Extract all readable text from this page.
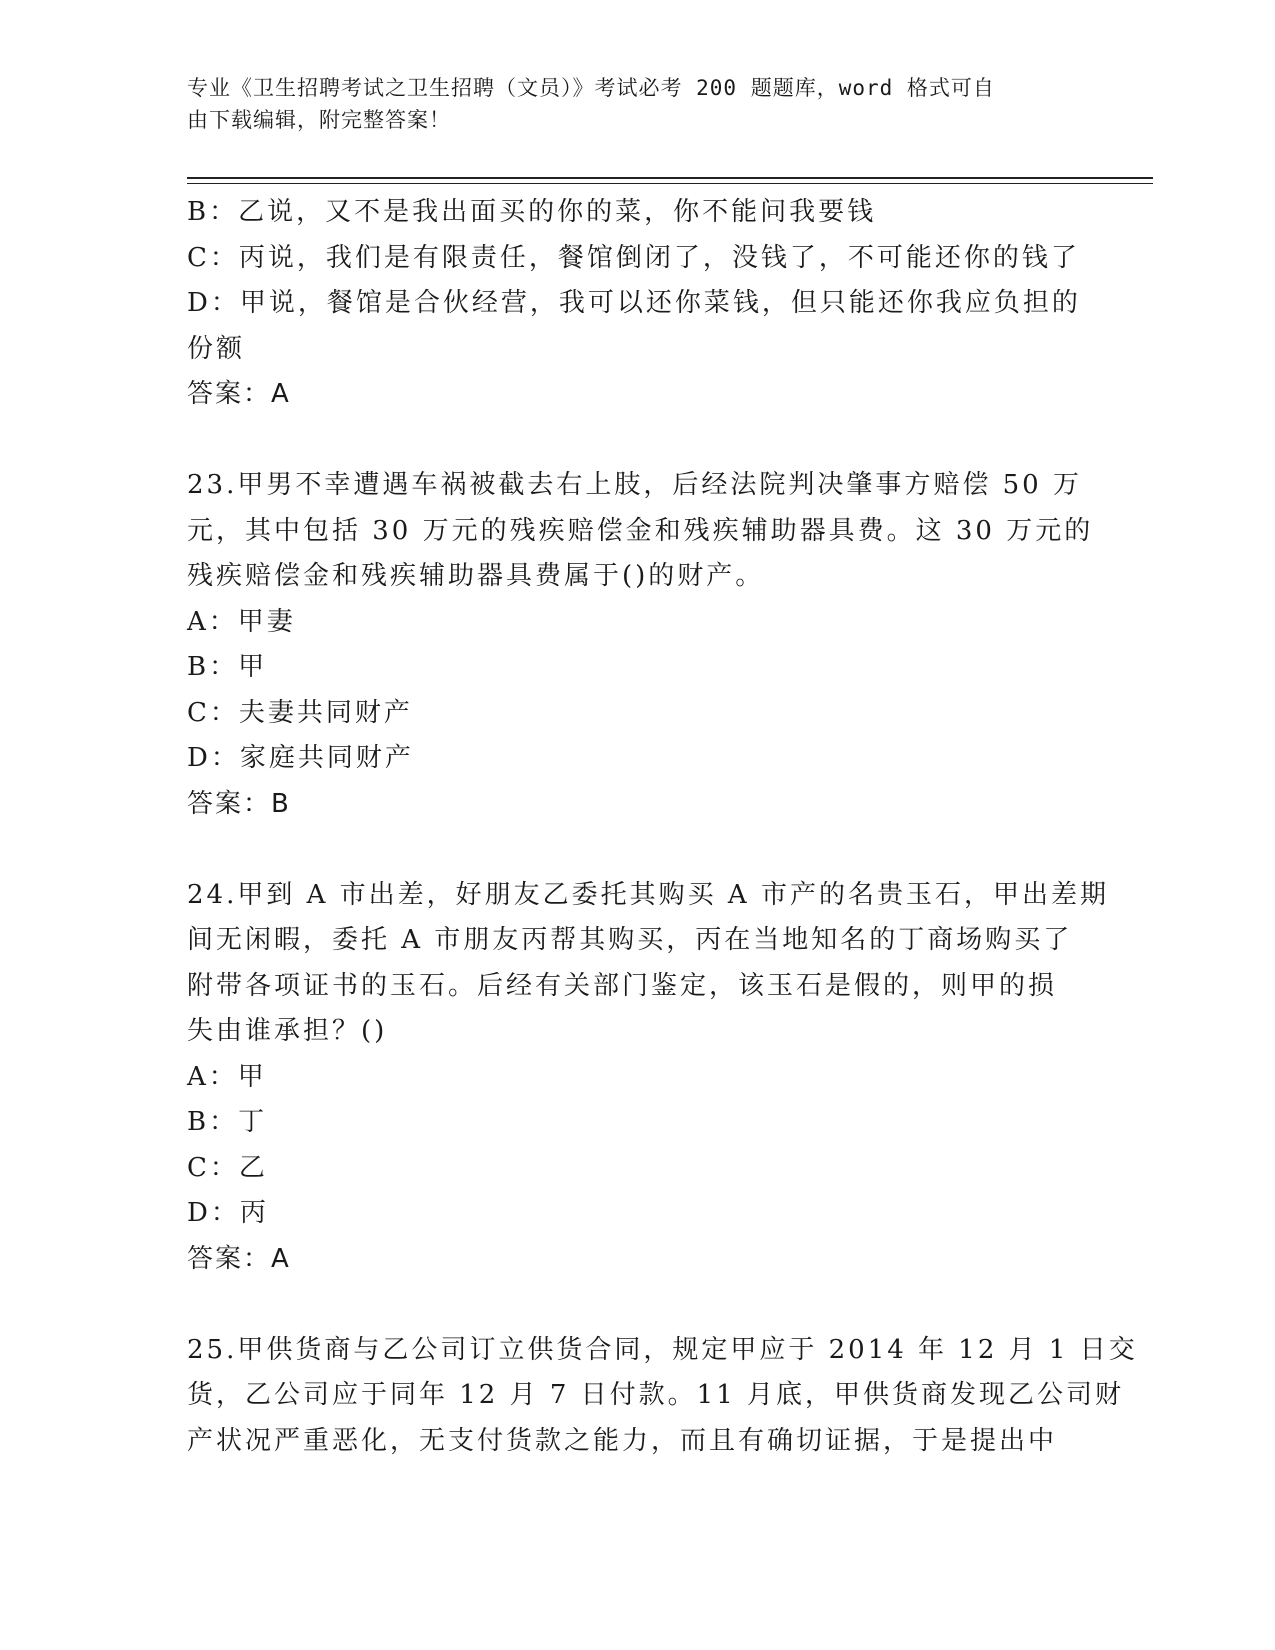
专业《卫生招聘考试之卫生招聘（文员）》考试必考 200 题题库，word 格式可自
由下载编辑，附完整答案！
B：乙说，又不是我出面买的你的菜，你不能问我要钱
C：丙说，我们是有限责任，餐馆倒闭了，没钱了，不可能还你的钱了
D：甲说，餐馆是合伙经营，我可以还你菜钱，但只能还你我应负担的
份额
答案：A
23.甲男不幸遭遇车祸被截去右上肢，后经法院判决肇事方赔偿 50 万
元，其中包括 30 万元的残疾赔偿金和残疾辅助器具费。这 30 万元的
残疾赔偿金和残疾辅助器具费属于()的财产。
A：甲妻
B：甲
C：夫妻共同财产
D：家庭共同财产
答案：B
24.甲到 A 市出差，好朋友乙委托其购买 A 市产的名贵玉石，甲出差期
间无闲暇，委托 A 市朋友丙帮其购买，丙在当地知名的丁商场购买了
附带各项证书的玉石。后经有关部门鉴定，该玉石是假的，则甲的损
失由谁承担？()
A：甲
B：丁
C：乙
D：丙
答案：A
25.甲供货商与乙公司订立供货合同，规定甲应于 2014 年 12 月 1 日交
货，乙公司应于同年 12 月 7 日付款。11 月底，甲供货商发现乙公司财
产状况严重恶化，无支付货款之能力，而且有确切证据，于是提出中
